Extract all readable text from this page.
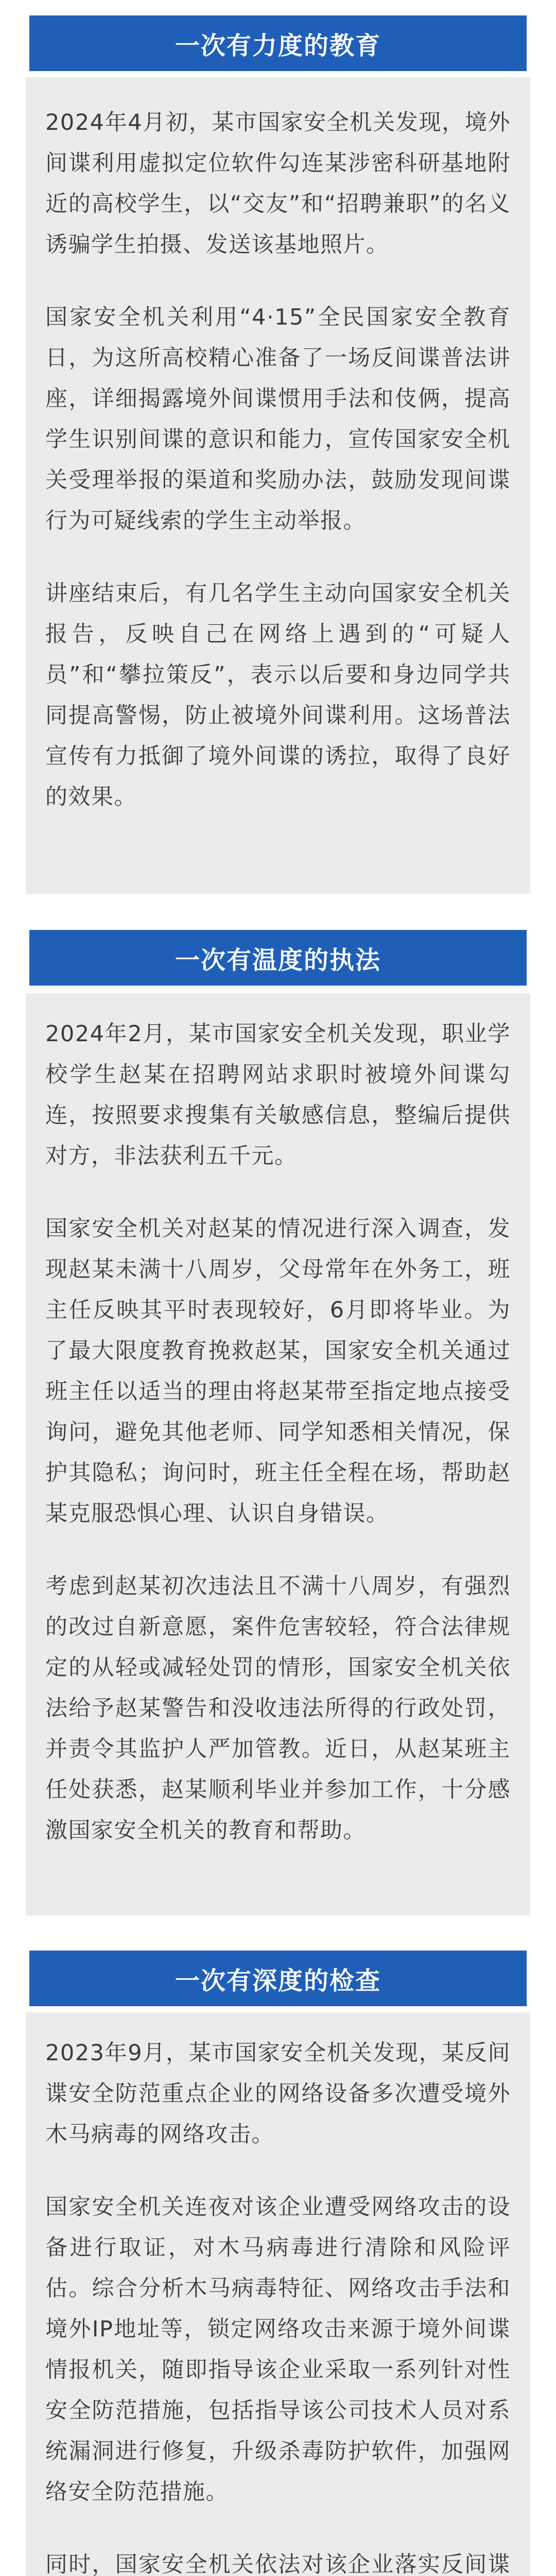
一次有力度的教育

2024年4月初，某市国家安全机关发现，境外间谍利用虚拟定位软件勾连某涉密科研基地附近的高校学生，以“交友”和“招聘兼职”的名义诱骗学生拍摄、发送该基地照片。

国家安全机关利用“4·15”全民国家安全教育日，为这所高校精心准备了一场反间谍普法讲座，详细揭露境外间谍惯用手法和伎俩，提高学生识别间谍的意识和能力，宣传国家安全机关受理举报的渠道和奖励办法，鼓励发现间谍行为可疑线索的学生主动举报。

讲座结束后，有几名学生主动向国家安全机关报告，反映自己在网络上遇到的“可疑人员”和“攀拉策反”，表示以后要和身边同学共同提高警惕，防止被境外间谍利用。这场普法宣传有力抵御了境外间谍的诱拉，取得了良好的效果。

一次有温度的执法

2024年2月，某市国家安全机关发现，职业学校学生赵某在招聘网站求职时被境外间谍勾连，按照要求搜集有关敏感信息，整编后提供对方，非法获利五千元。

国家安全机关对赵某的情况进行深入调查，发现赵某未满十八周岁，父母常年在外务工，班主任反映其平时表现较好，6月即将毕业。为了最大限度教育挽救赵某，国家安全机关通过班主任以适当的理由将赵某带至指定地点接受询问，避免其他老师、同学知悉相关情况，保护其隐私；询问时，班主任全程在场，帮助赵某克服恐惧心理、认识自身错误。

考虑到赵某初次违法且不满十八周岁，有强烈的改过自新意愿，案件危害较轻，符合法律规定的从轻或减轻处罚的情形，国家安全机关依法给予赵某警告和没收违法所得的行政处罚，并责令其监护人严加管教。近日，从赵某班主任处获悉，赵某顺利毕业并参加工作，十分感激国家安全机关的教育和帮助。

一次有深度的检查

2023年9月，某市国家安全机关发现，某反间谍安全防范重点企业的网络设备多次遭受境外木马病毒的网络攻击。

国家安全机关连夜对该企业遭受网络攻击的设备进行取证，对木马病毒进行清除和风险评估。综合分析木马病毒特征、网络攻击手法和境外IP地址等，锁定网络攻击来源于境外间谍情报机关，随即指导该企业采取一系列针对性安全防范措施，包括指导该公司技术人员对系统漏洞进行修复，升级杀毒防护软件，加强网络安全防范措施。

同时，国家安全机关依法对该企业落实反间谍
